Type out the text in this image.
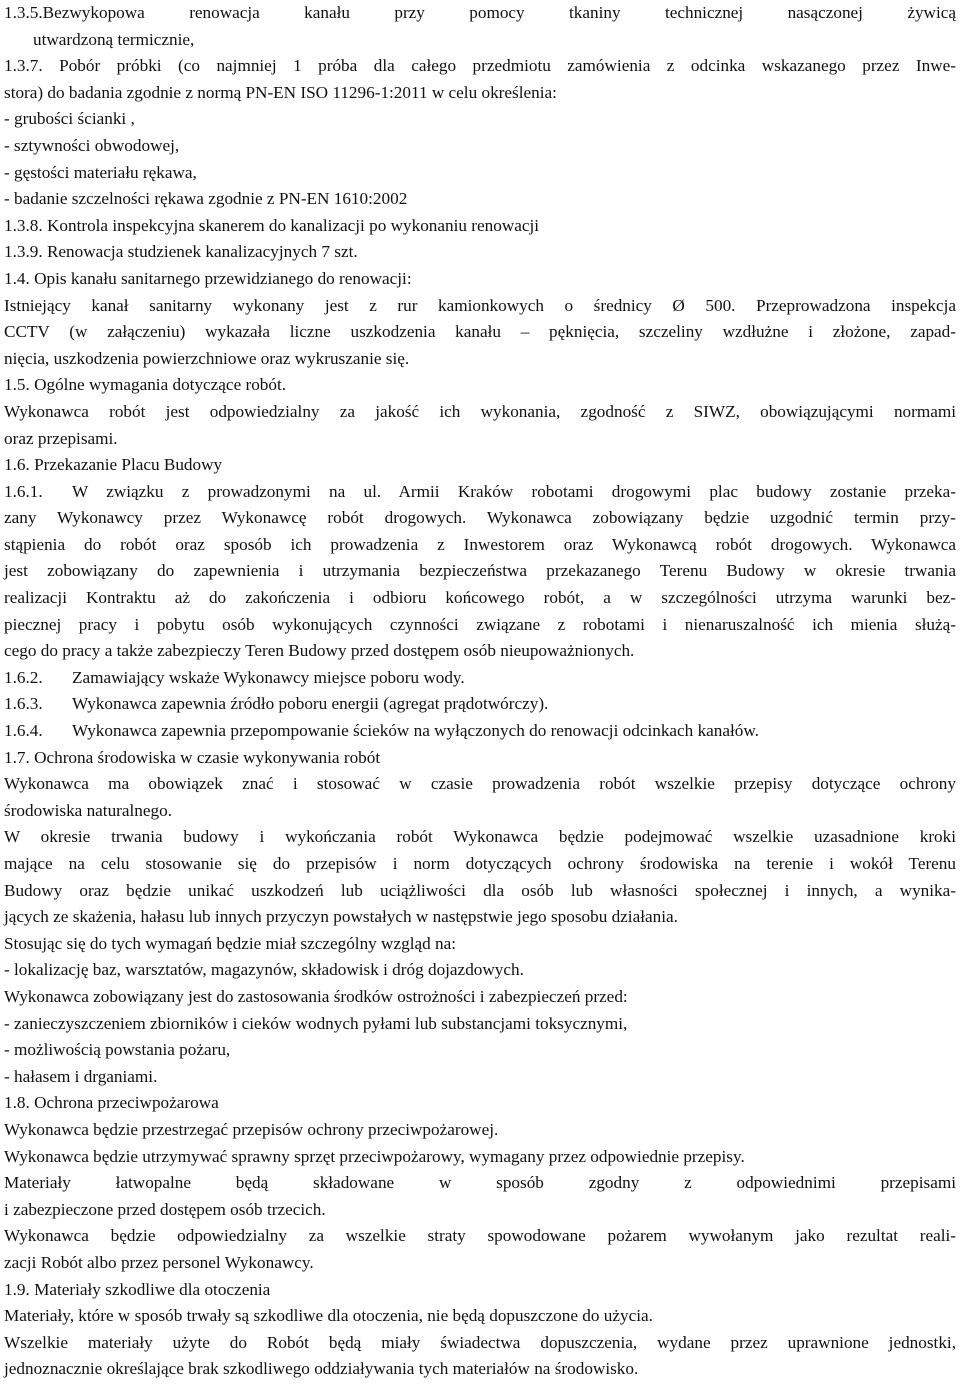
1.3.5.Bezwykopowa renowacja kanału przy pomocy tkaniny technicznej nasączonej żywicą
utwardzoną termicznie,
1.3.7. Pobór próbki (co najmniej 1 próba dla całego przedmiotu zamówienia z odcinka wskazanego przez Inwe-
stora) do badania zgodnie z normą PN-EN ISO 11296-1:2011 w celu określenia:
- grubości ścianki ,
- sztywności obwodowej,
- gęstości materiału rękawa,
- badanie szczelności rękawa zgodnie z PN-EN 1610:2002
1.3.8. Kontrola inspekcyjna skanerem do kanalizacji po wykonaniu renowacji
1.3.9. Renowacja studzienek kanalizacyjnych 7 szt.
1.4. Opis kanału sanitarnego przewidzianego do renowacji:
Istniejący kanał sanitarny wykonany jest z rur kamionkowych o średnicy Ø 500. Przeprowadzona inspekcja
CCTV (w załączeniu) wykazała liczne uszkodzenia kanału – pęknięcia, szczeliny wzdłużne i złożone, zapad-
nięcia, uszkodzenia powierzchniowe oraz wykruszanie się.
1.5. Ogólne wymagania dotyczące robót.
Wykonawca robót jest odpowiedzialny za jakość ich wykonania, zgodność z SIWZ, obowiązującymi normami
oraz przepisami.
1.6. Przekazanie Placu Budowy
1.6.1. W związku z prowadzonymi na ul. Armii Kraków robotami drogowymi plac budowy zostanie przeka-
zany Wykonawcy przez Wykonawcę robót drogowych. Wykonawca zobowiązany będzie uzgodnić termin przy-
stąpienia do robót oraz sposób ich prowadzenia z Inwestorem oraz Wykonawcą robót drogowych. Wykonawca
jest zobowiązany do zapewnienia i utrzymania bezpieczeństwa przekazanego Terenu Budowy w okresie trwania
realizacji Kontraktu aż do zakończenia i odbioru końcowego robót, a w szczególności utrzyma warunki bez-
piecznej pracy i pobytu osób wykonujących czynności związane z robotami i nienaruszalność ich mienia służą-
cego do pracy a także zabezpieczy Teren Budowy przed dostępem osób nieupoważnionych.
1.6.2. Zamawiający wskaże Wykonawcy miejsce poboru wody.
1.6.3. Wykonawca zapewnia źródło poboru energii (agregat prądotwórczy).
1.6.4. Wykonawca zapewnia przepompowanie ścieków na wyłączonych do renowacji odcinkach kanałów.
1.7. Ochrona środowiska w czasie wykonywania robót
Wykonawca ma obowiązek znać i stosować w czasie prowadzenia robót wszelkie przepisy dotyczące ochrony
środowiska naturalnego.
W okresie trwania budowy i wykończania robót Wykonawca będzie podejmować wszelkie uzasadnione kroki
mające na celu stosowanie się do przepisów i norm dotyczących ochrony środowiska na terenie i wokół Terenu
Budowy oraz będzie unikać uszkodzeń lub uciążliwości dla osób lub własności społecznej i innych, a wynika-
jących ze skażenia, hałasu lub innych przyczyn powstałych w następstwie jego sposobu działania.
Stosując się do tych wymagań będzie miał szczególny wzgląd na:
- lokalizację baz, warsztatów, magazynów, składowisk i dróg dojazdowych.
Wykonawca zobowiązany jest do zastosowania środków ostrożności i zabezpieczeń przed:
- zanieczyszczeniem zbiorników i cieków wodnych pyłami lub substancjami toksycznymi,
- możliwością powstania pożaru,
- hałasem i drganiami.
1.8. Ochrona przeciwpożarowa
Wykonawca będzie przestrzegać przepisów ochrony przeciwpożarowej.
Wykonawca będzie utrzymywać sprawny sprzęt przeciwpożarowy, wymagany przez odpowiednie przepisy.
Materiały łatwopalne będą składowane w sposób zgodny z odpowiednimi przepisami
i zabezpieczone przed dostępem osób trzecich.
Wykonawca będzie odpowiedzialny za wszelkie straty spowodowane pożarem wywołanym jako rezultat reali-
zacji Robót albo przez personel Wykonawcy.
1.9. Materiały szkodliwe dla otoczenia
Materiały, które w sposób trwały są szkodliwe dla otoczenia, nie będą dopuszczone do użycia.
Wszelkie materiały użyte do Robót będą miały świadectwa dopuszczenia, wydane przez uprawnione jednostki,
jednoznacznie określające brak szkodliwego oddziaływania tych materiałów na środowisko.
